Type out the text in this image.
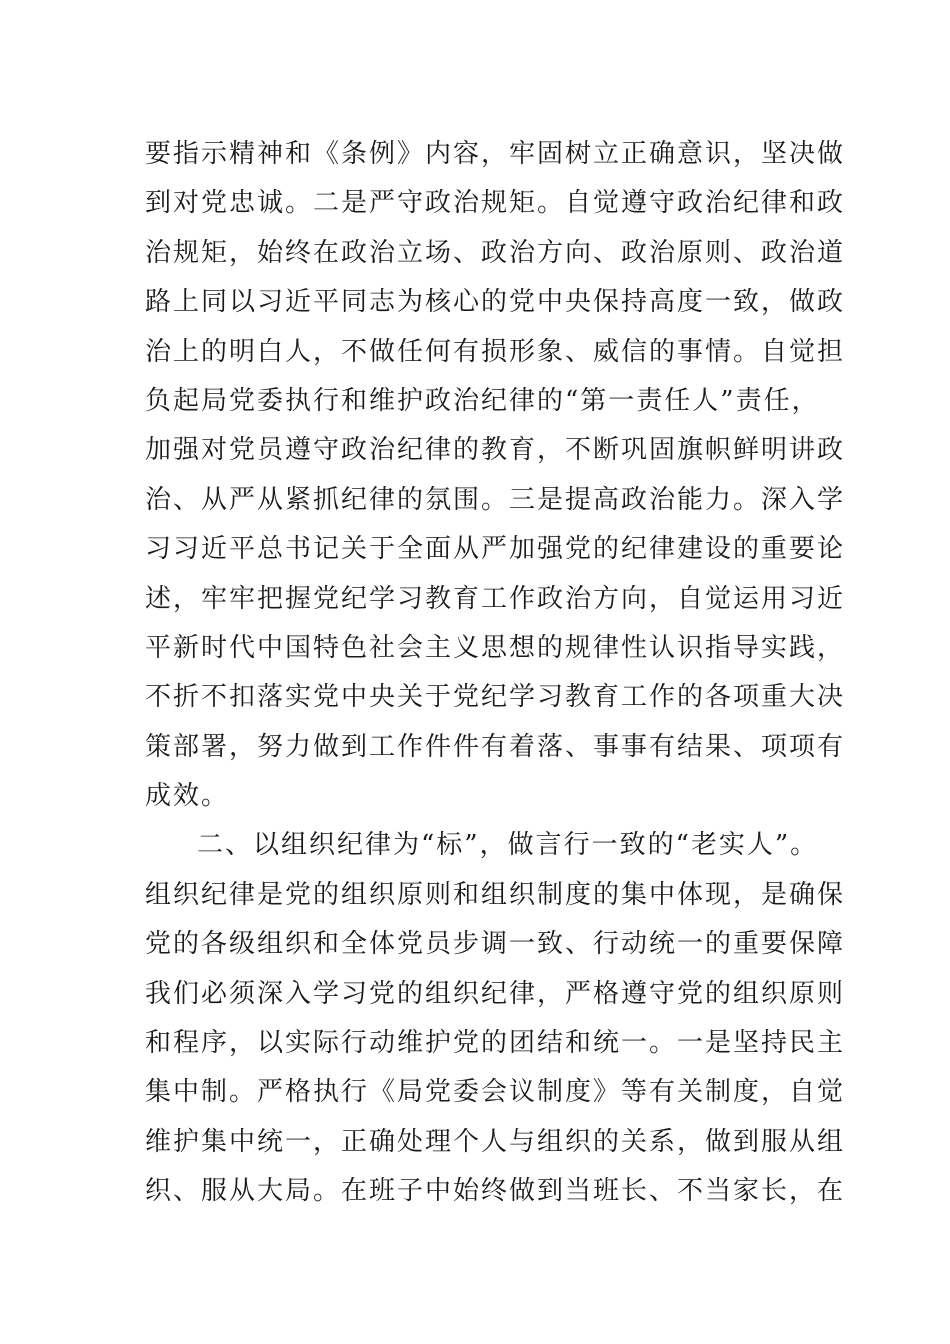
要指示精神和《条例》内容，牢固树立正确意识，坚决做
到对党忠诚。二是严守政治规矩。自觉遵守政治纪律和政
治规矩，始终在政治立场、政治方向、政治原则、政治道
路上同以习近平同志为核心的党中央保持高度一致，做政
治上的明白人，不做任何有损形象、威信的事情。自觉担
负起局党委执行和维护政治纪律的“第一责任人”责任，
加强对党员遵守政治纪律的教育，不断巩固旗帜鲜明讲政
治、从严从紧抓纪律的氛围。三是提高政治能力。深入学
习习近平总书记关于全面从严加强党的纪律建设的重要论
述，牢牢把握党纪学习教育工作政治方向，自觉运用习近
平新时代中国特色社会主义思想的规律性认识指导实践，
不折不扣落实党中央关于党纪学习教育工作的各项重大决
策部署，努力做到工作件件有着落、事事有结果、项项有
成效。
二、以组织纪律为“标”，做言行一致的“老实人”。
组织纪律是党的组织原则和组织制度的集中体现，是确保
党的各级组织和全体党员步调一致、行动统一的重要保障
我们必须深入学习党的组织纪律，严格遵守党的组织原则
和程序，以实际行动维护党的团结和统一。一是坚持民主
集中制。严格执行《局党委会议制度》等有关制度，自觉
维护集中统一，正确处理个人与组织的关系，做到服从组
织、服从大局。在班子中始终做到当班长、不当家长，在
